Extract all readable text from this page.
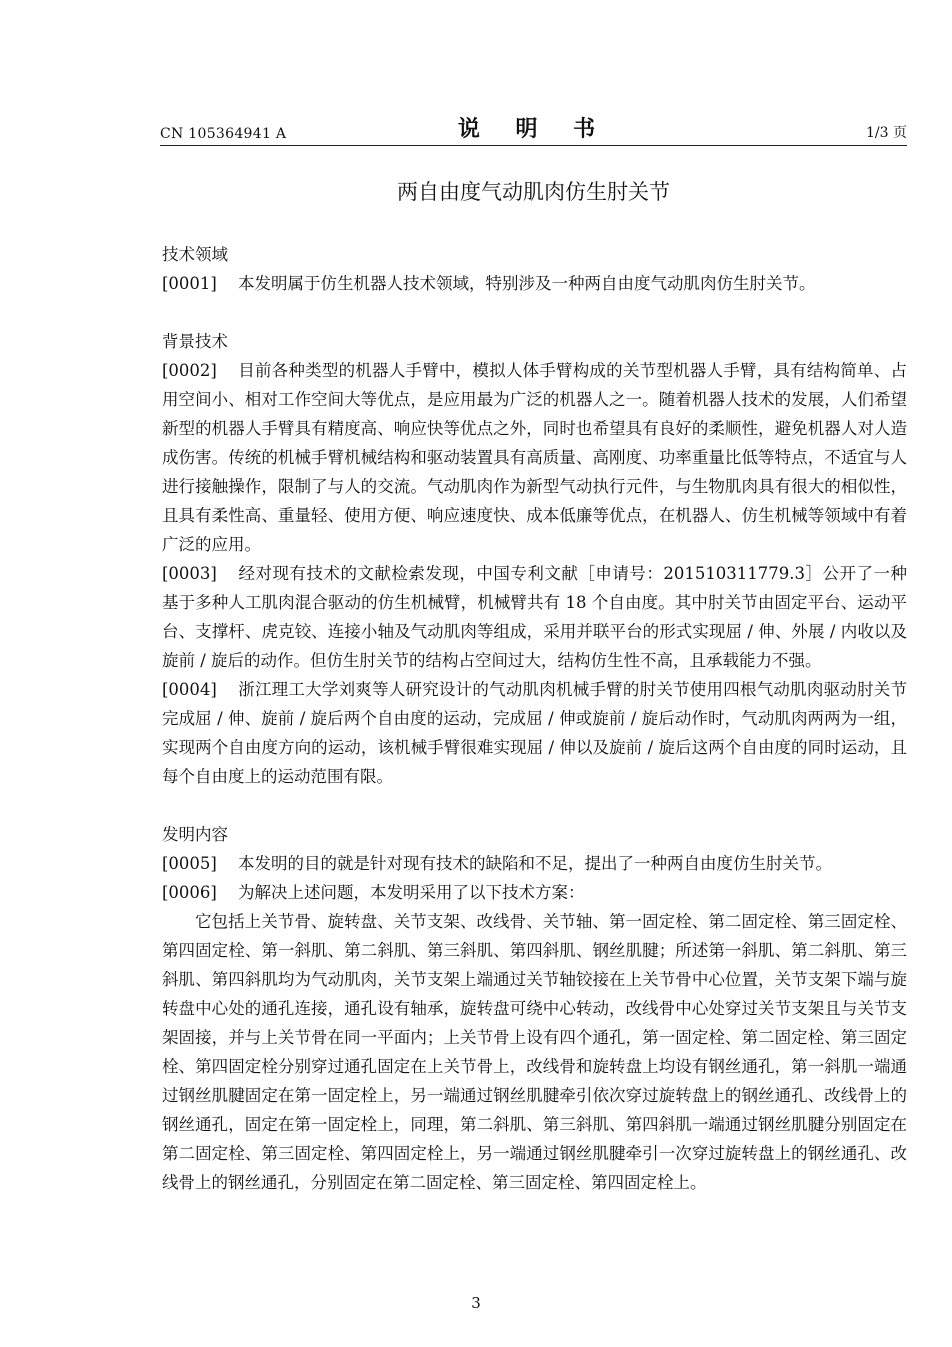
CN 105364941 A	说 明 书	1/3 页
两自由度气动肌肉仿生肘关节

技术领域

[0001] 本发明属于仿生机器人技术领域，特别涉及一种两自由度气动肌肉仿生肘关节。

背景技术

[0002] 目前各种类型的机器人手臂中，模拟人体手臂构成的关节型机器人手臂，具有结构简单、占用空间小、相对工作空间大等优点，是应用最为广泛的机器人之一。随着机器人技术的发展，人们希望新型的机器人手臂具有精度高、响应快等优点之外，同时也希望具有良好的柔顺性，避免机器人对人造成伤害。传统的机械手臂机械结构和驱动装置具有高质量、高刚度、功率重量比低等特点，不适宜与人进行接触操作，限制了与人的交流。气动肌肉作为新型气动执行元件，与生物肌肉具有很大的相似性，且具有柔性高、重量轻、使用方便、响应速度快、成本低廉等优点，在机器人、仿生机械等领域中有着广泛的应用。

[0003] 经对现有技术的文献检索发现，中国专利文献［申请号：201510311779.3］公开了一种基于多种人工肌肉混合驱动的仿生机械臂，机械臂共有 18 个自由度。其中肘关节由固定平台、运动平台、支撑杆、虎克铰、连接小轴及气动肌肉等组成，采用并联平台的形式实现屈 / 伸、外展 / 内收以及旋前 / 旋后的动作。但仿生肘关节的结构占空间过大，结构仿生性不高，且承载能力不强。

[0004] 浙江理工大学刘爽等人研究设计的气动肌肉机械手臂的肘关节使用四根气动肌肉驱动肘关节完成屈 / 伸、旋前 / 旋后两个自由度的运动，完成屈 / 伸或旋前 / 旋后动作时，气动肌肉两两为一组，实现两个自由度方向的运动，该机械手臂很难实现屈 / 伸以及旋前 / 旋后这两个自由度的同时运动，且每个自由度上的运动范围有限。

发明内容

[0005] 本发明的目的就是针对现有技术的缺陷和不足，提出了一种两自由度仿生肘关节。

[0006] 为解决上述问题，本发明采用了以下技术方案：

它包括上关节骨、旋转盘、关节支架、改线骨、关节轴、第一固定栓、第二固定栓、第三固定栓、第四固定栓、第一斜肌、第二斜肌、第三斜肌、第四斜肌、钢丝肌腱；所述第一斜肌、第二斜肌、第三斜肌、第四斜肌均为气动肌肉，关节支架上端通过关节轴铰接在上关节骨中心位置，关节支架下端与旋转盘中心处的通孔连接，通孔设有轴承，旋转盘可绕中心转动，改线骨中心处穿过关节支架且与关节支架固接，并与上关节骨在同一平面内；上关节骨上设有四个通孔，第一固定栓、第二固定栓、第三固定栓、第四固定栓分别穿过通孔固定在上关节骨上，改线骨和旋转盘上均设有钢丝通孔，第一斜肌一端通过钢丝肌腱固定在第一固定栓上，另一端通过钢丝肌腱牵引依次穿过旋转盘上的钢丝通孔、改线骨上的钢丝通孔，固定在第一固定栓上，同理，第二斜肌、第三斜肌、第四斜肌一端通过钢丝肌腱分别固定在第二固定栓、第三固定栓、第四固定栓上，另一端通过钢丝肌腱牵引一次穿过旋转盘上的钢丝通孔、改线骨上的钢丝通孔，分别固定在第二固定栓、第三固定栓、第四固定栓上。

3
